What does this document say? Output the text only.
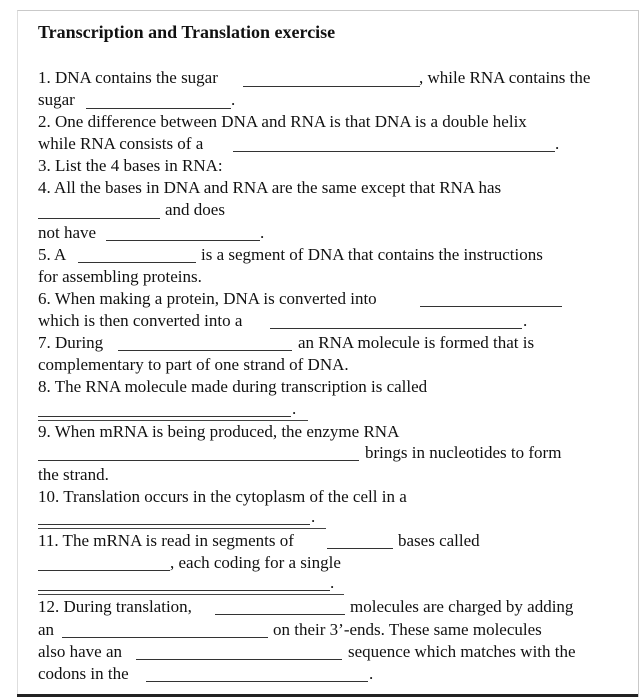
Transcription and Translation exercise
1. DNA contains the sugar	, while RNA contains the
sugar	.
2. One difference between DNA and RNA is that DNA is a double helix
while RNA consists of a	.
3. List the 4 bases in RNA:
4. All the bases in DNA and RNA are the same except that RNA has
and does
not have	.
5. A	is a segment of DNA that contains the instructions
for assembling proteins.
6. When making a protein, DNA is converted into
which is then converted into a	.
7. During	an RNA molecule is formed that is
complementary to part of one strand of DNA.
8. The RNA molecule made during transcription is called
.
9. When mRNA is being produced, the enzyme RNA
brings in nucleotides to form
the strand.
10. Translation occurs in the cytoplasm of the cell in a
.
11. The mRNA is read in segments of	bases called
, each coding for a single
.
12. During translation,	molecules are charged by adding
an	on their 3’-ends. These same molecules
also have an	sequence which matches with the
codons in the	.
